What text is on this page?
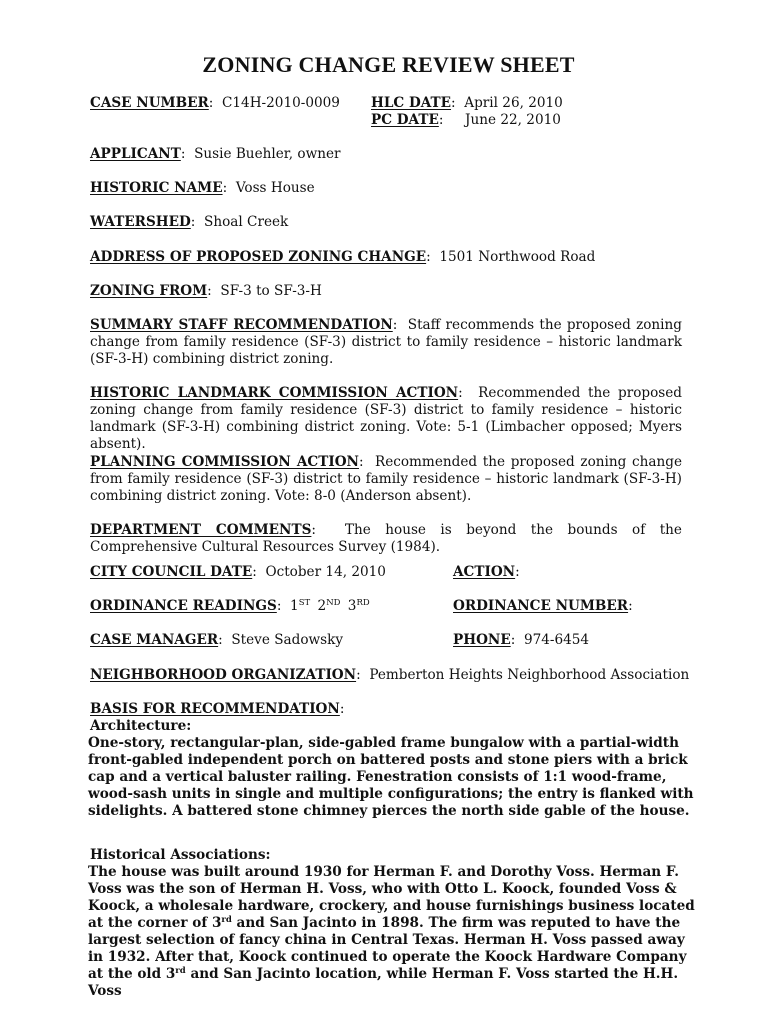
ZONING CHANGE REVIEW SHEET
CASE NUMBER:  C14H-2010-0009 HLC DATE:  April 26, 2010
PC DATE:     June 22, 2010
APPLICANT:  Susie Buehler, owner
HISTORIC NAME:  Voss House
WATERSHED:  Shoal Creek
ADDRESS OF PROPOSED ZONING CHANGE:  1501 Northwood Road
ZONING FROM:  SF-3 to SF-3-H
SUMMARY STAFF RECOMMENDATION:  Staff recommends the proposed zoning change from family residence (SF-3) district to family residence – historic landmark (SF-3-H) combining district zoning.
HISTORIC LANDMARK COMMISSION ACTION:  Recommended the proposed zoning change from family residence (SF-3) district to family residence – historic landmark (SF-3-H) combining district zoning. Vote: 5-1 (Limbacher opposed; Myers absent).
PLANNING COMMISSION ACTION:  Recommended the proposed zoning change from family residence (SF-3) district to family residence – historic landmark (SF-3-H) combining district zoning. Vote: 8-0 (Anderson absent).
DEPARTMENT COMMENTS:  The house is beyond the bounds of the Comprehensive Cultural Resources Survey (1984).
CITY COUNCIL DATE:  October 14, 2010	ACTION:
ORDINANCE READINGS:  1ST 2ND 3RD	ORDINANCE NUMBER:
CASE MANAGER:  Steve Sadowsky	PHONE:  974-6454
NEIGHBORHOOD ORGANIZATION:  Pemberton Heights Neighborhood Association
BASIS FOR RECOMMENDATION:
Architecture:
One-story, rectangular-plan, side-gabled frame bungalow with a partial-width front-gabled independent porch on battered posts and stone piers with a brick cap and a vertical baluster railing. Fenestration consists of 1:1 wood-frame, wood-sash units in single and multiple configurations; the entry is flanked with sidelights. A battered stone chimney pierces the north side gable of the house.
Historical Associations:
The house was built around 1930 for Herman F. and Dorothy Voss. Herman F. Voss was the son of Herman H. Voss, who with Otto L. Koock, founded Voss & Koock, a wholesale hardware, crockery, and house furnishings business located at the corner of 3rd and San Jacinto in 1898. The firm was reputed to have the largest selection of fancy china in Central Texas. Herman H. Voss passed away in 1932. After that, Koock continued to operate the Koock Hardware Company at the old 3rd and San Jacinto location, while Herman F. Voss started the H.H. Voss
